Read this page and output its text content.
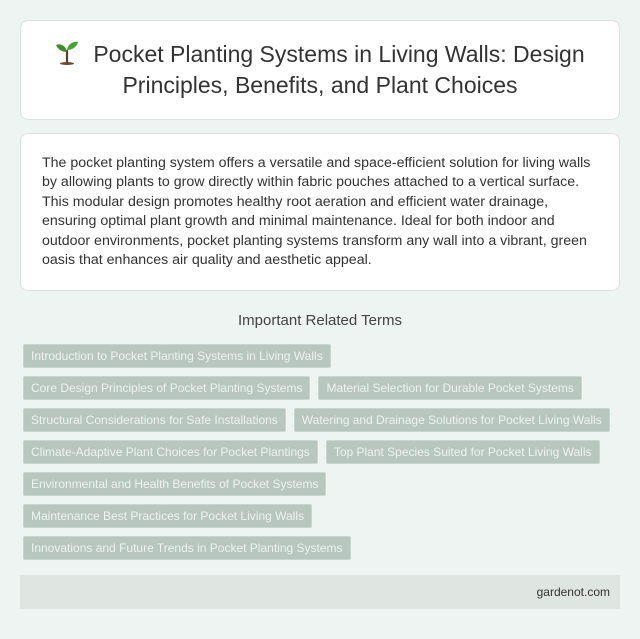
Pocket Planting Systems in Living Walls: Design Principles, Benefits, and Plant Choices

The pocket planting system offers a versatile and space-efficient solution for living walls by allowing plants to grow directly within fabric pouches attached to a vertical surface. This modular design promotes healthy root aeration and efficient water drainage, ensuring optimal plant growth and minimal maintenance. Ideal for both indoor and outdoor environments, pocket planting systems transform any wall into a vibrant, green oasis that enhances air quality and aesthetic appeal.

Important Related Terms
Introduction to Pocket Planting Systems in Living Walls
Core Design Principles of Pocket Planting Systems	Material Selection for Durable Pocket Systems
Structural Considerations for Safe Installations	Watering and Drainage Solutions for Pocket Living Walls
Climate-Adaptive Plant Choices for Pocket Plantings	Top Plant Species Suited for Pocket Living Walls
Environmental and Health Benefits of Pocket Systems
Maintenance Best Practices for Pocket Living Walls
Innovations and Future Trends in Pocket Planting Systems
gardenot.com
